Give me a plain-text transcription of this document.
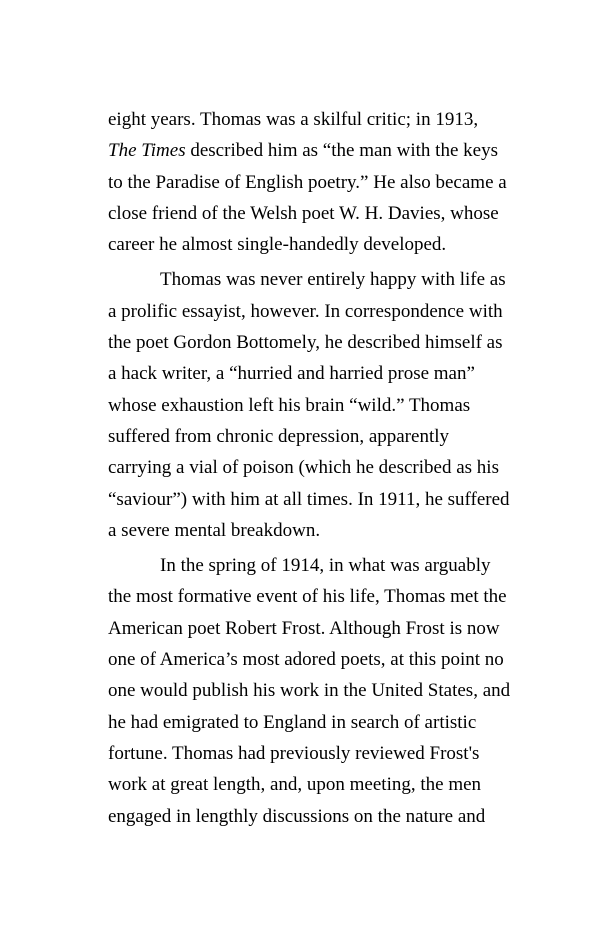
eight years. Thomas was a skilful critic; in 1913,
The Times described him as “the man with the keys
to the Paradise of English poetry.” He also became a
close friend of the Welsh poet W. H. Davies, whose
career he almost single-handedly developed.
Thomas was never entirely happy with life as
a prolific essayist, however. In correspondence with
the poet Gordon Bottomely, he described himself as
a hack writer, a “hurried and harried prose man”
whose exhaustion left his brain “wild.” Thomas
suffered from chronic depression, apparently
carrying a vial of poison (which he described as his
“saviour”) with him at all times. In 1911, he suffered
a severe mental breakdown.
In the spring of 1914, in what was arguably
the most formative event of his life, Thomas met the
American poet Robert Frost. Although Frost is now
one of America’s most adored poets, at this point no
one would publish his work in the United States, and
he had emigrated to England in search of artistic
fortune. Thomas had previously reviewed Frost's
work at great length, and, upon meeting, the men
engaged in lengthly discussions on the nature and
